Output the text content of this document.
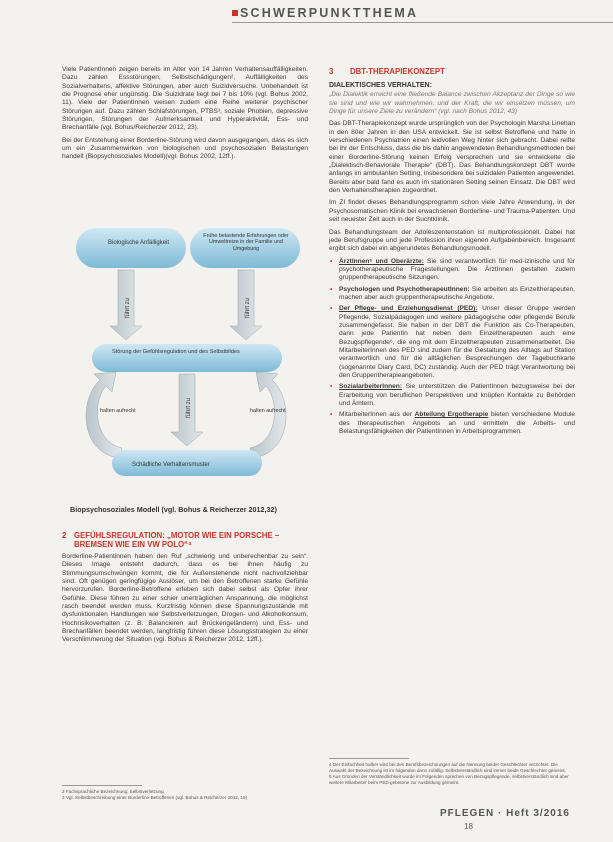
SCHWERPUNKTTHEMA

Viele PatientInnen zeigen bereits im Alter von 14 Jahren Verhaltensauffälligkeiten. Dazu zählen Essstörungen, Selbstschädigungen², Auffälligkeiten des Sozialverhaltens, affektive Störungen, aber auch Suizidversuche. Unbehandelt ist die Prognose eher ungünstig. Die Suizidrate liegt bei 7 bis 10% (vgl. Bohus 2002, 11). Viele der PatientInnen weisen zudem eine Reihe weiterer psychischer Störungen auf. Dazu zählen Schlafstörungen, PTBS³, soziale Phobien, depressive Störungen, Störungen der Aufmerksamkeit und Hyperaktivität, Ess- und Brechanfälle (vgl. Bohus/Reicherzer 2012, 23).

Bei der Entstehung einer Borderline-Störung wird davon ausgegangen, dass es sich um ein Zusammenwirken von biologischen und psychosozialen Belastungen handelt (Biopsychosoziales Modell)(vgl. Bohus 2002, 12ff.).

Biologische Anfälligkeit
Frühe belastende Erfahrungen oder Umweltreize in der Familie und Umgebung
führt zu	führt zu
Störung der Gefühlsregulation und des Selbstbildes
führt zu
halten aufrecht	halten aufrecht
Schädliche Verhaltensmuster
Biopsychosoziales Modell (vgl. Bohus & Reicherzer 2012,32)
2 GEFÜHLSREGULATION: „MOTOR WIE EIN PORSCHE – BREMSEN WIE EIN VW POLO“⁴

Borderline-Patientinnen haben den Ruf „schwierig und unberechenbar zu sein“. Dieses Image entsteht dadurch, dass es bei ihnen häufig zu Stimmungsumschwüngen kommt, die für Außenstehende nicht nachvollziehbar sind. Oft genügen geringfügige Auslöser, um bei den Betroffenen starke Gefühle hervorzurufen. Borderline-Betroffene erleben sich dabei selbst als Opfer ihrer Gefühle. Diese führen zu einer schier unerträglichen Anspannung, die möglichst rasch beendet werden muss. Kurzfristig können diese Spannungszustände mit dysfunktionalen Handlungen wie Selbstverletzungen, Drogen- und Alkoholkonsum, Hochrisikoverhalten (z. B. Balancieren auf Brückengeländern) und Ess- und Brechanfällen beendet werden, langfristig führen diese Lösungsstrategien zu einer Verschlimmerung der Situation (vgl. Bohus & Reicherzer 2012, 12ff.).

2 Fachsprachliche Bezeichnung: Selbstverletzung
3 Vgl. Selbstbeschreibung einer Borderline-Betroffenen (vgl. Bohus & Reicherzer 2012, 19)
3	DBT-THERAPIEKONZEPT
DIALEKTISCHES VERHALTEN:

„Die Dialektik erreicht eine fließende Balance zwischen Akzeptanz der Dinge so wie sie sind und wie wir wahrnehmen, und der Kraft, die wir einsetzen müssen, um Dinge für unsere Ziele zu verändern“ (vgl. nach Bohus 2012, 43)

Das DBT-Therapiekonzept wurde ursprünglich von der Psychologin Marsha Linehan in den 80er Jahren in den USA entwickelt. Sie ist selbst Betroffene und hatte in verschiedenen Psychiatrien einen leidvollen Weg hinter sich gebracht. Dabei reifte bei ihr der Entschluss, dass die bis dahin angewendeten Behandlungsmethoden bei einer Borderline-Störung keinen Erfolg versprechen und sie entwickelte die „Dialektisch-Behaviorale Therapie“ (DBT). Das Behandlungskonzept DBT wurde anfangs im ambulanten Setting, insbesondere bei suizidalen Patienten angewendet. Bereits aber bald fand es auch im stationären Setting seinen Einsatz. Die DBT wird den Verhaltenstherapien zugeordnet.

Im ZI findet dieses Behandlungsprogramm schon viele Jahre Anwendung, in der Psychosomatischen Klinik bei erwachsenen Borderline- und Trauma-Patienten. Und seit neuester Zeit auch in der Suchtklinik.

Das Behandlungsteam der Adoleszentenstation ist multiprofessionell. Dabei hat jede Berufsgruppe und jede Profession ihren eigenen Aufgabenbereich. Insgesamt ergibt sich dabei ein abgerundetes Behandlungsmodell.

• ÄrztInnen⁵ und Oberärzte: Sie sind verantwortlich für med-izinische und für psychotherapeutische Fragestellungen. Die ÄrztInnen gestalten zudem gruppentherapeutische Sitzungen.
• Psychologen und PsychotherapeutInnen: Sie arbeiten als Einzeltherapeuten, machen aber auch gruppentherapeutische Angebote.
• Der Pflege- und Erziehungsdienst (PED): Unser dieser Gruppe werden Pflegende, Sozialpädagogen und weitere pädagogische oder pflegende Berufe zusammengefasst. Sie haben in der DBT die Funktion als Co-Therapeuten, dann jede PatientIn hat neben dem Einzeltherapeuten auch eine Bezugspflegende⁶, die eng mit dem Einzeltherapeuten zusammenarbeitet. Die MitarbeiterInnen des PED sind zudem für die Gestaltung des Alltags auf Station verantwortlich und für die alltäglichen Besprechungen der Tagebuchkarte (sogenannte Diary Card, DC) zuständig. Auch der PED trägt Verantwortung bei den Gruppentherapieangeboten.
• SozialarbeiterInnen: Sie unterstützen die PatientInnen bezugsweise bei der Erarbeitung von beruflichen Perspektiven und knüpfen Kontakte zu Behörden und Ämtern.
• MitarbeiterInnen aus der Abteilung Ergotherapie bieten verschiedene Module des therapeutischen Angebots an und ermitteln die Arbeits- und Belastungsfähigkeiten der PatientInnen in Arbeitsprogrammen.
4 Der Einfachheit halber wird bei den Berufsbezeichnungen auf die Nennung beider Geschlechter verzichtet. Die Auswahl der Bezeichnung ist im folgenden dann zufällig. Selbstverständlich sind immer beide Geschlechter gemeint.
5 Aus Gründen der Verständlichkeit wurde im Folgenden sprechen von Bezugspflegende, selbstverständlich sind aber weitere Mitarbeiter beim PED gebetene zur Ausbildung gemeint.
PFLEGEN · Heft 3/2016
18
